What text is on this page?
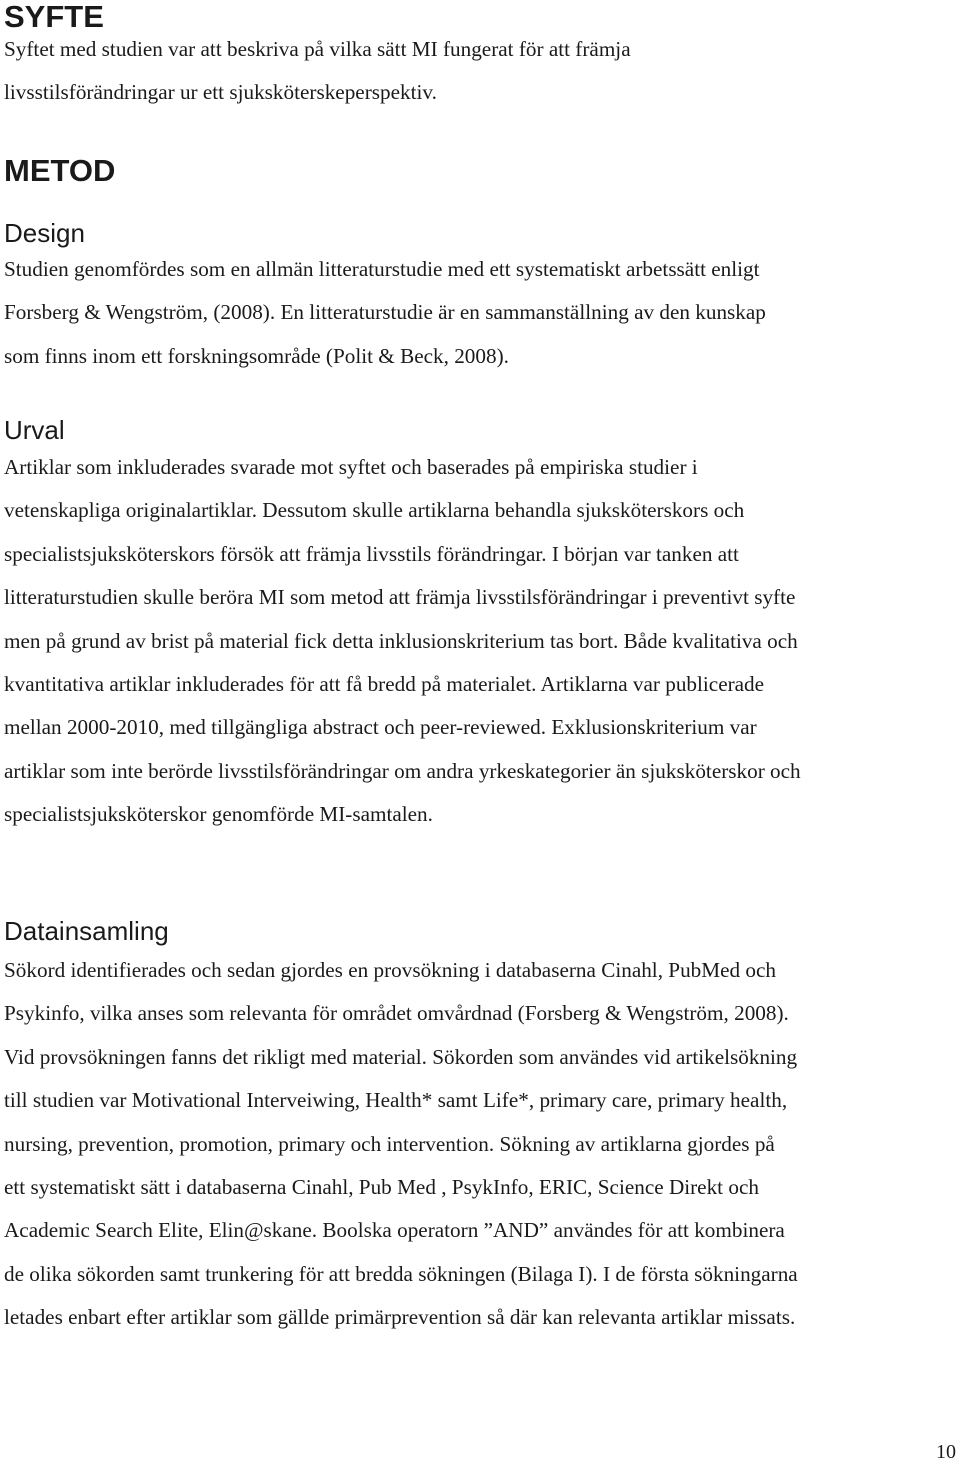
SYFTE
Syftet med studien var att beskriva på vilka sätt MI fungerat för att främja
livsstilsförändringar ur ett sjuksköterskeperspektiv.
METOD
Design
Studien genomfördes som en allmän litteraturstudie med ett systematiskt arbetssätt enligt
Forsberg & Wengström, (2008). En litteraturstudie är en sammanställning av den kunskap
som finns inom ett forskningsområde (Polit & Beck, 2008).
Urval
Artiklar som inkluderades svarade mot syftet och baserades på empiriska studier i
vetenskapliga originalartiklar. Dessutom skulle artiklarna behandla sjuksköterskors och
specialistsjuksköterskors försök att främja livsstils förändringar. I början var tanken att
litteraturstudien skulle beröra MI som metod att främja livsstilsförändringar i preventivt syfte
men på grund av brist på material fick detta inklusionskriterium tas bort. Både kvalitativa och
kvantitativa artiklar inkluderades för att få bredd på materialet. Artiklarna var publicerade
mellan 2000-2010, med tillgängliga abstract och peer-reviewed. Exklusionskriterium var
artiklar som inte berörde livsstilsförändringar om andra yrkeskategorier än sjuksköterskor och
specialistsjuksköterskor genomförde MI-samtalen.
Datainsamling
Sökord identifierades och sedan gjordes en provsökning i databaserna Cinahl, PubMed och
Psykinfo, vilka anses som relevanta för området omvårdnad (Forsberg & Wengström, 2008).
Vid provsökningen fanns det rikligt med material. Sökorden som användes vid artikelsökning
till studien var Motivational Interveiwing, Health* samt Life*, primary care, primary health,
nursing, prevention, promotion, primary och intervention. Sökning av artiklarna gjordes på
ett systematiskt sätt i databaserna Cinahl, Pub Med , PsykInfo, ERIC, Science Direkt och
Academic Search Elite, Elin@skane. Boolska operatorn ”AND” användes för att kombinera
de olika sökorden samt trunkering för att bredda sökningen (Bilaga I). I de första sökningarna
letades enbart efter artiklar som gällde primärprevention så där kan relevanta artiklar missats.
10
